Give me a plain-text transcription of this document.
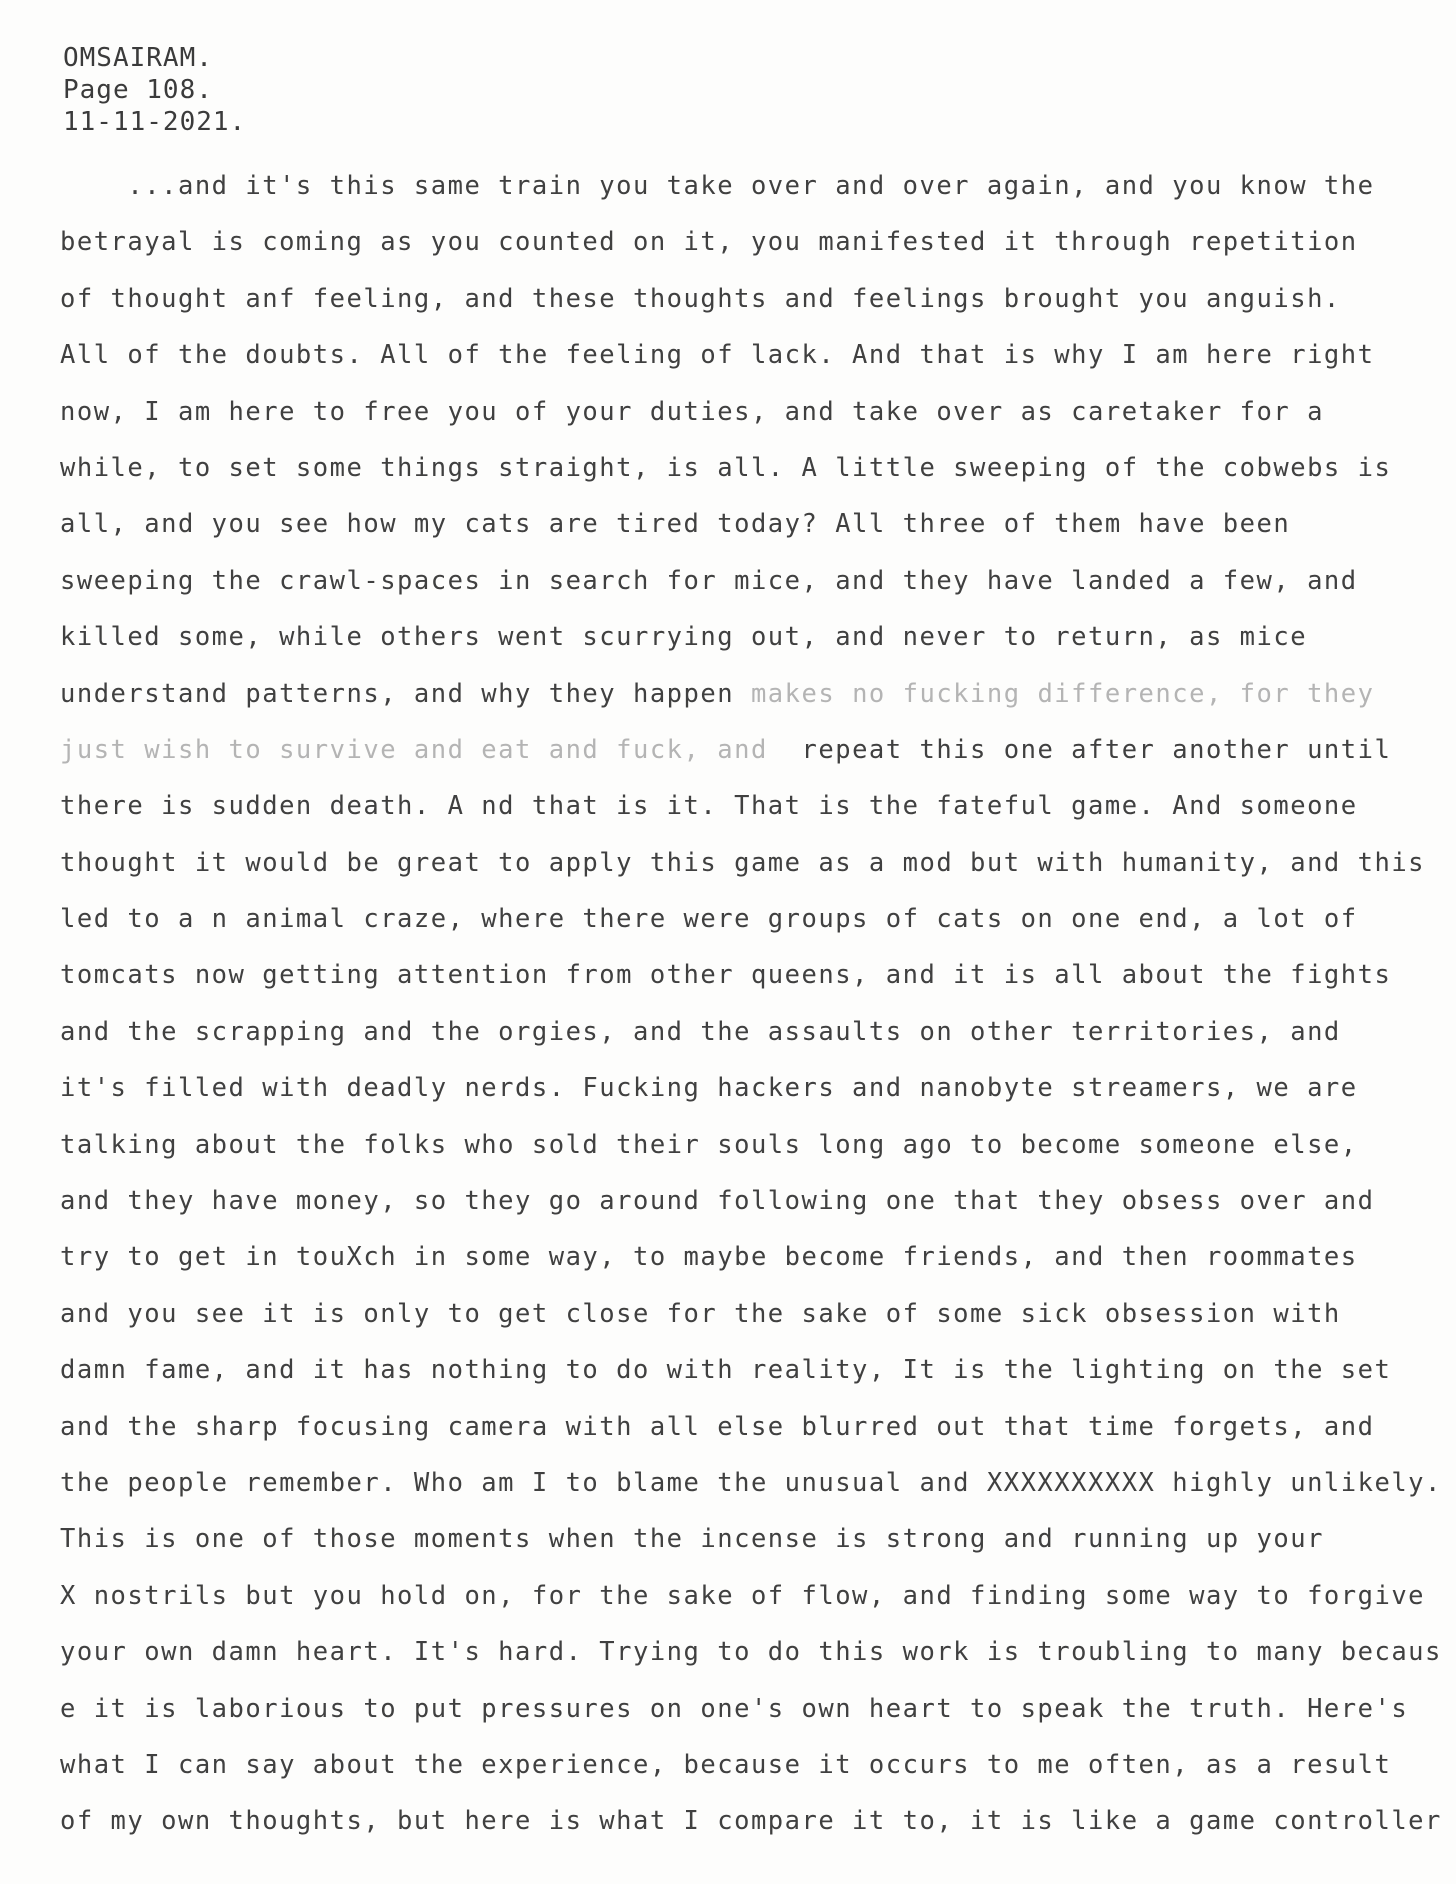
OMSAIRAM.
Page 108.
11-11-2021.
...and it's this same train you take over and over again, and you know the
betrayal is coming as you counted on it, you manifested it through repetition
of thought anf feeling, and these thoughts and feelings brought you anguish.
All of the doubts. All of the feeling of lack. And that is why I am here right
now, I am here to free you of your duties, and take over as caretaker for a
while, to set some things straight, is all. A little sweeping of the cobwebs is
all, and you see how my cats are tired today? All three of them have been
sweeping the crawl-spaces in search for mice, and they have landed a few, and
killed some, while others went scurrying out, and never to return, as mice
understand patterns, and why they happen makes no fucking difference, for they
just wish to survive and eat and fuck, and  repeat this one after another until
there is sudden death. A nd that is it. That is the fateful game. And someone
thought it would be great to apply this game as a mod but with humanity, and this
led to a n animal craze, where there were groups of cats on one end, a lot of
tomcats now getting attention from other queens, and it is all about the fights
and the scrapping and the orgies, and the assaults on other territories, and
it's filled with deadly nerds. Fucking hackers and nanobyte streamers, we are
talking about the folks who sold their souls long ago to become someone else,
and they have money, so they go around following one that they obsess over and
try to get in touXch in some way, to maybe become friends, and then roommates
and you see it is only to get close for the sake of some sick obsession with
damn fame, and it has nothing to do with reality, It is the lighting on the set
and the sharp focusing camera with all else blurred out that time forgets, and
the people remember. Who am I to blame the unusual and XXXXXXXXXX highly unlikely.
This is one of those moments when the incense is strong and running up your
X nostrils but you hold on, for the sake of flow, and finding some way to forgive
your own damn heart. It's hard. Trying to do this work is troubling to many becaus
e it is laborious to put pressures on one's own heart to speak the truth. Here's
what I can say about the experience, because it occurs to me often, as a result
of my own thoughts, but here is what I compare it to, it is like a game controller
